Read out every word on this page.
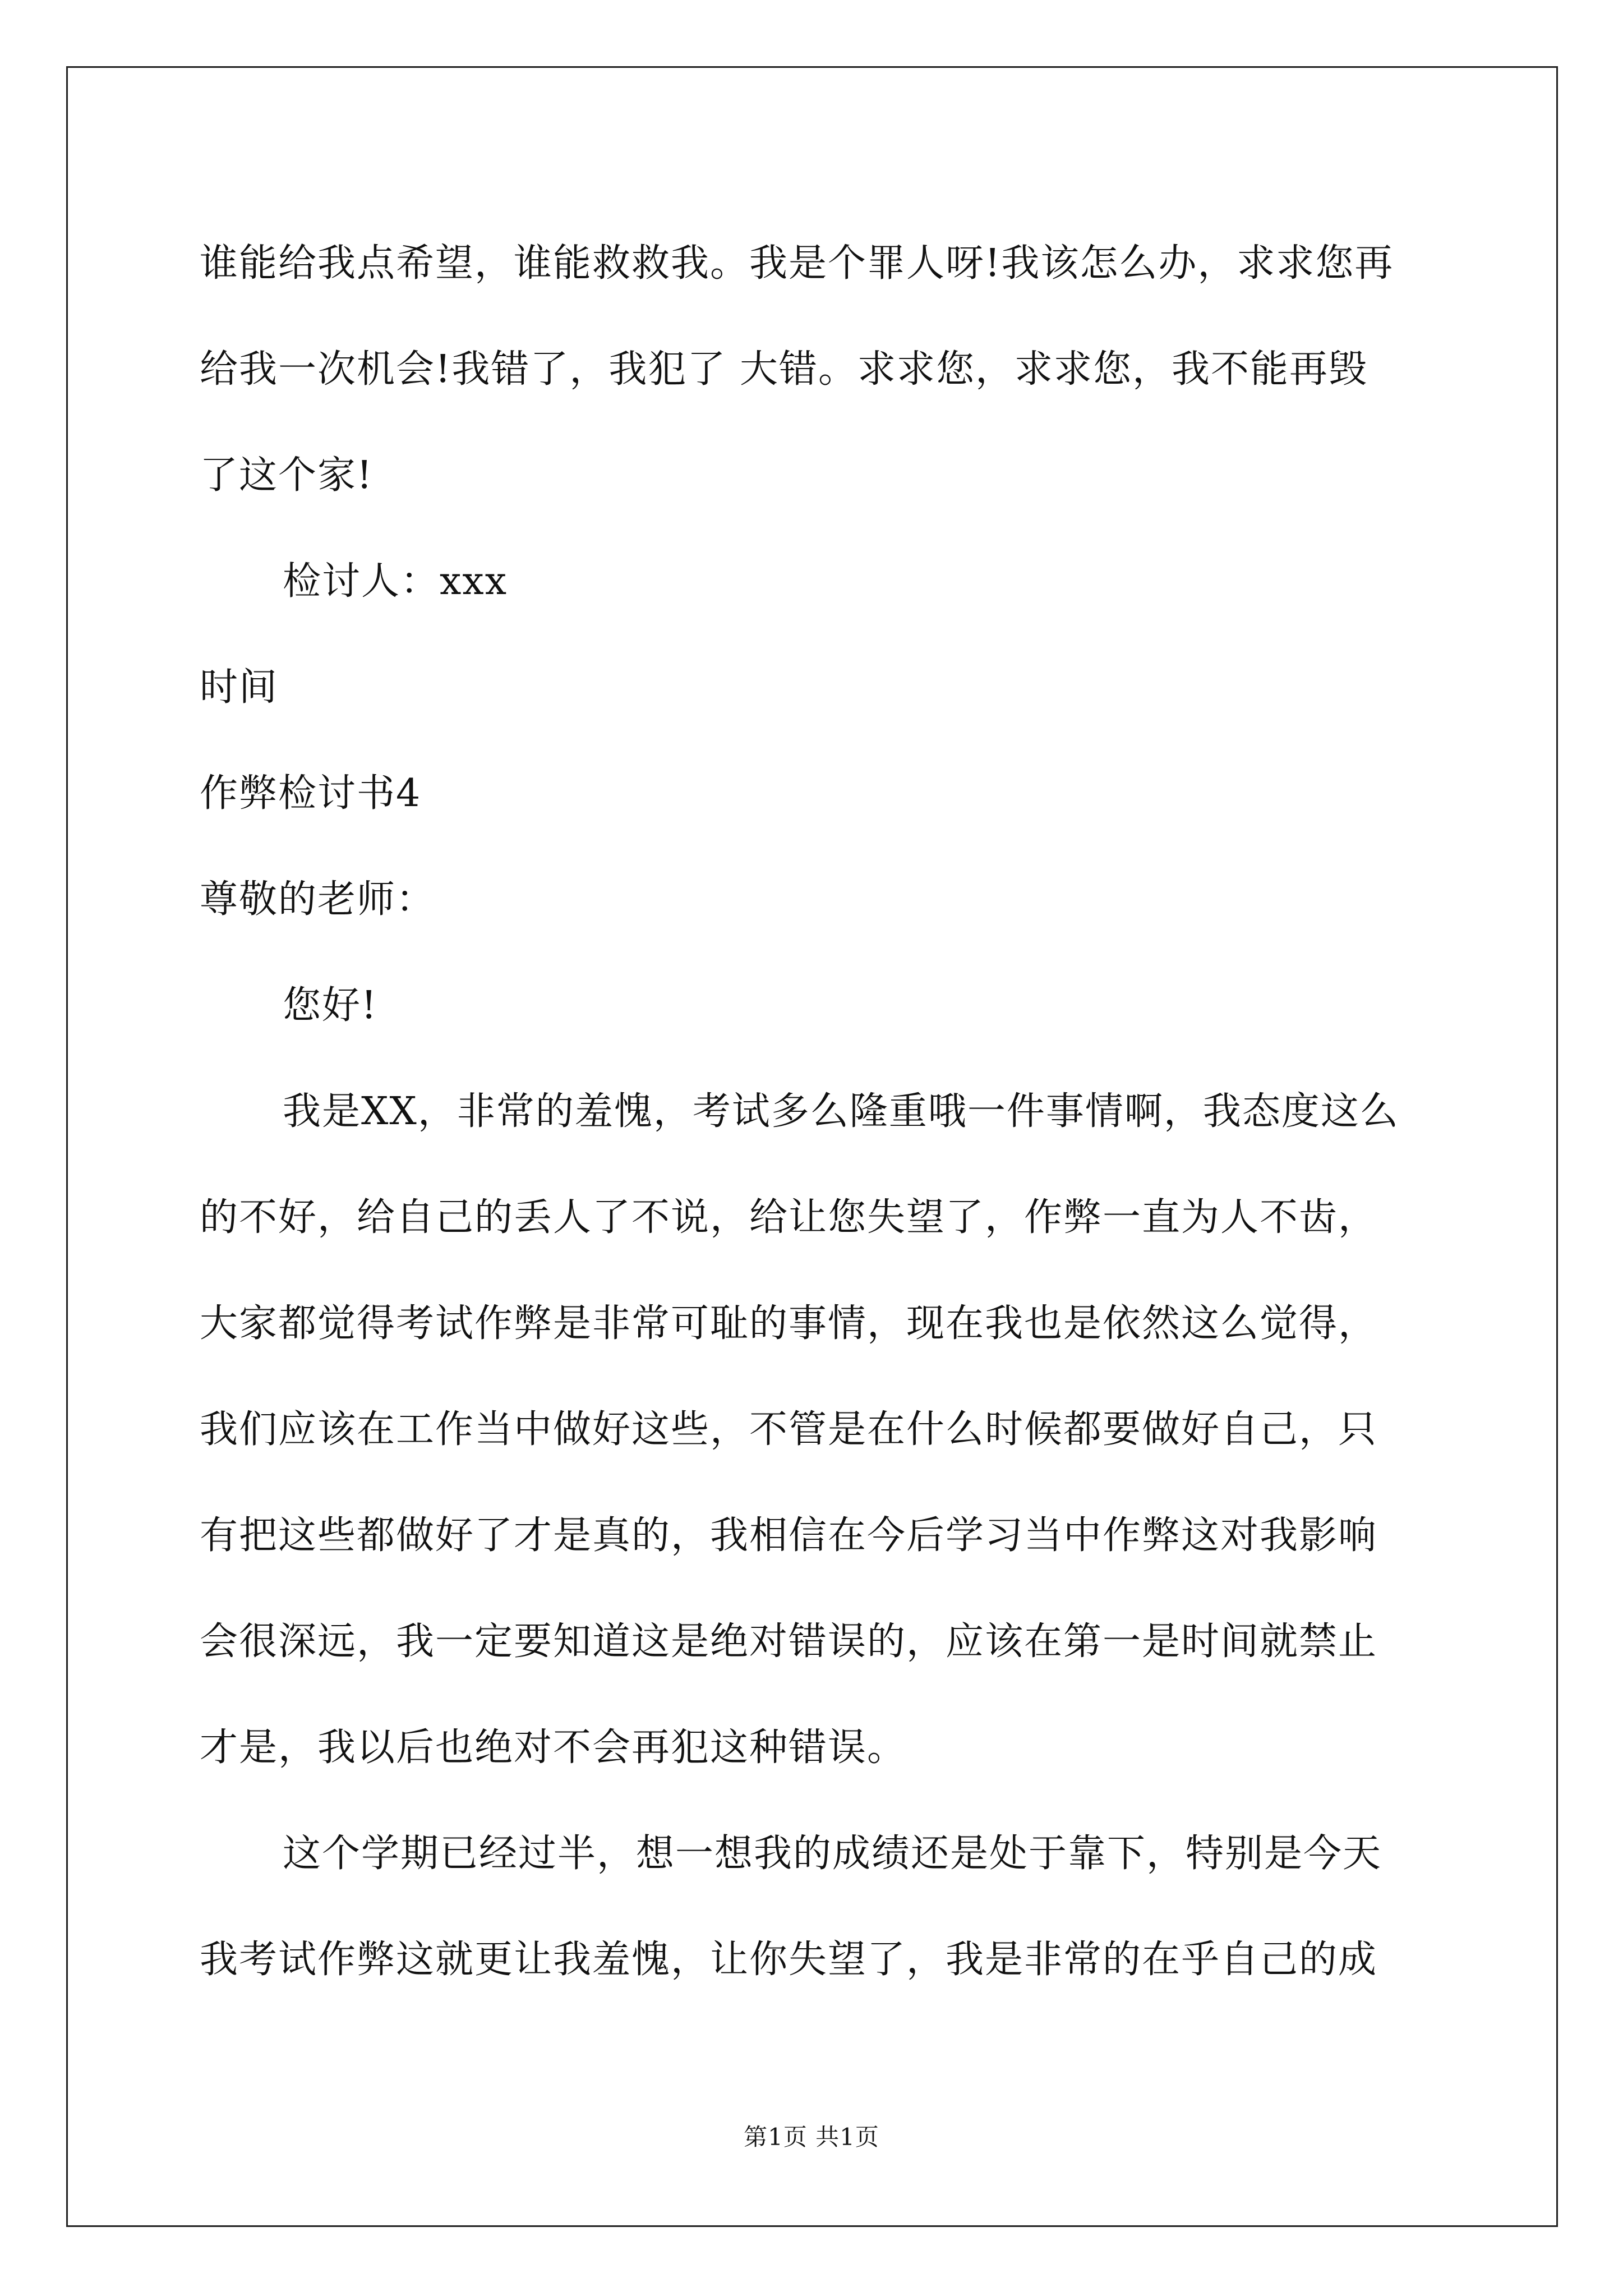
谁能给我点希望，谁能救救我。我是个罪人呀!我该怎么办，求求您再
给我一次机会!我错了，我犯了 大错。求求您，求求您，我不能再毁
了这个家!
检讨人：xxx
时间
作弊检讨书4
尊敬的老师：
您好!
我是XX，非常的羞愧，考试多么隆重哦一件事情啊，我态度这么
的不好，给自己的丢人了不说，给让您失望了，作弊一直为人不齿，
大家都觉得考试作弊是非常可耻的事情，现在我也是依然这么觉得，
我们应该在工作当中做好这些，不管是在什么时候都要做好自己，只
有把这些都做好了才是真的，我相信在今后学习当中作弊这对我影响
会很深远，我一定要知道这是绝对错误的，应该在第一是时间就禁止
才是，我以后也绝对不会再犯这种错误。
这个学期已经过半，想一想我的成绩还是处于靠下，特别是今天
我考试作弊这就更让我羞愧，让你失望了，我是非常的在乎自己的成
第1页 共1页
